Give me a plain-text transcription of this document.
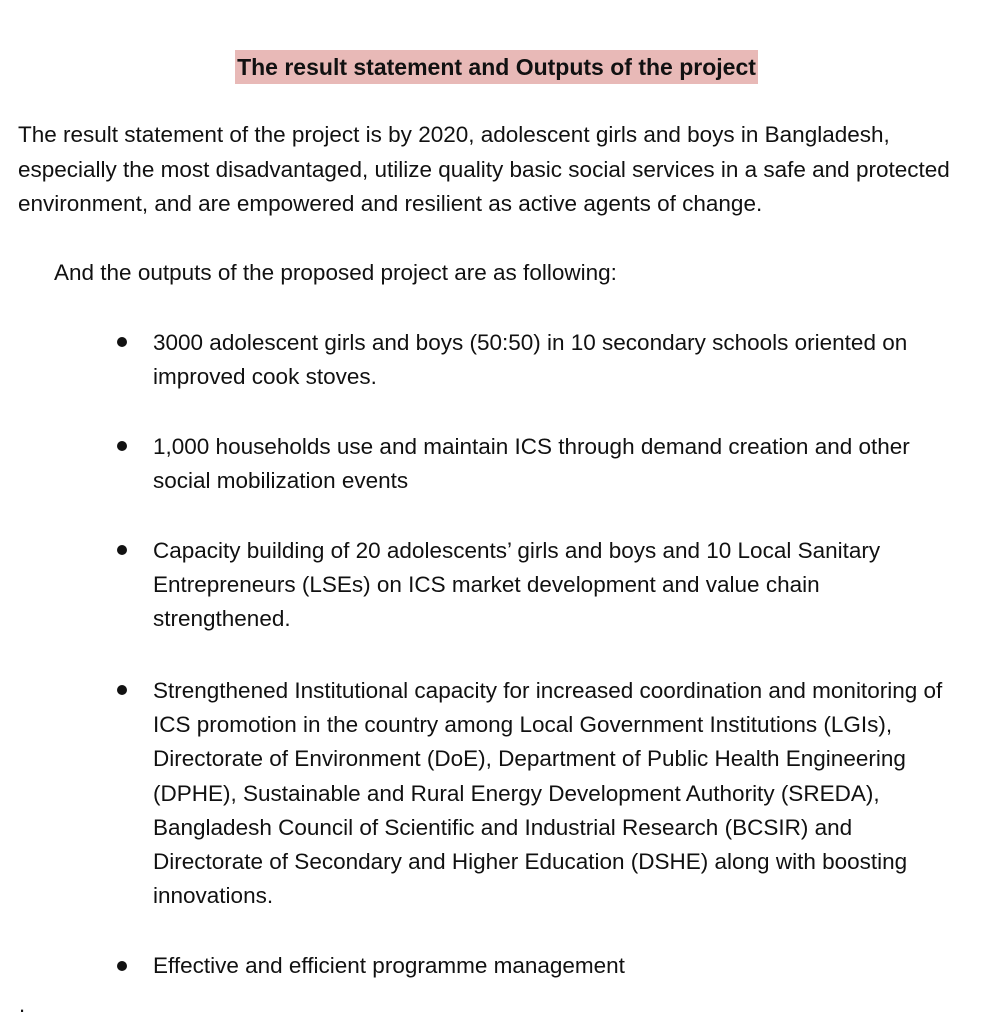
The result statement and Outputs of the project

The result statement of the project is by 2020, adolescent girls and boys in Bangladesh, especially the most disadvantaged, utilize quality basic social services in a safe and protected environment, and are empowered and resilient as active agents of change.

And the outputs of the proposed project are as following:

3000 adolescent girls and boys (50:50) in 10 secondary schools oriented on improved cook stoves.

1,000 households use and maintain ICS through demand creation and other social mobilization events

Capacity building of 20 adolescents’ girls and boys and 10 Local Sanitary Entrepreneurs (LSEs) on ICS market development and value chain strengthened.

Strengthened Institutional capacity for increased coordination and monitoring of ICS promotion in the country among Local Government Institutions (LGIs), Directorate of Environment (DoE), Department of Public Health Engineering (DPHE), Sustainable and Rural Energy Development Authority (SREDA), Bangladesh Council of Scientific and Industrial Research (BCSIR) and Directorate of Secondary and Higher Education (DSHE) along with boosting innovations.

Effective and efficient programme management

.
